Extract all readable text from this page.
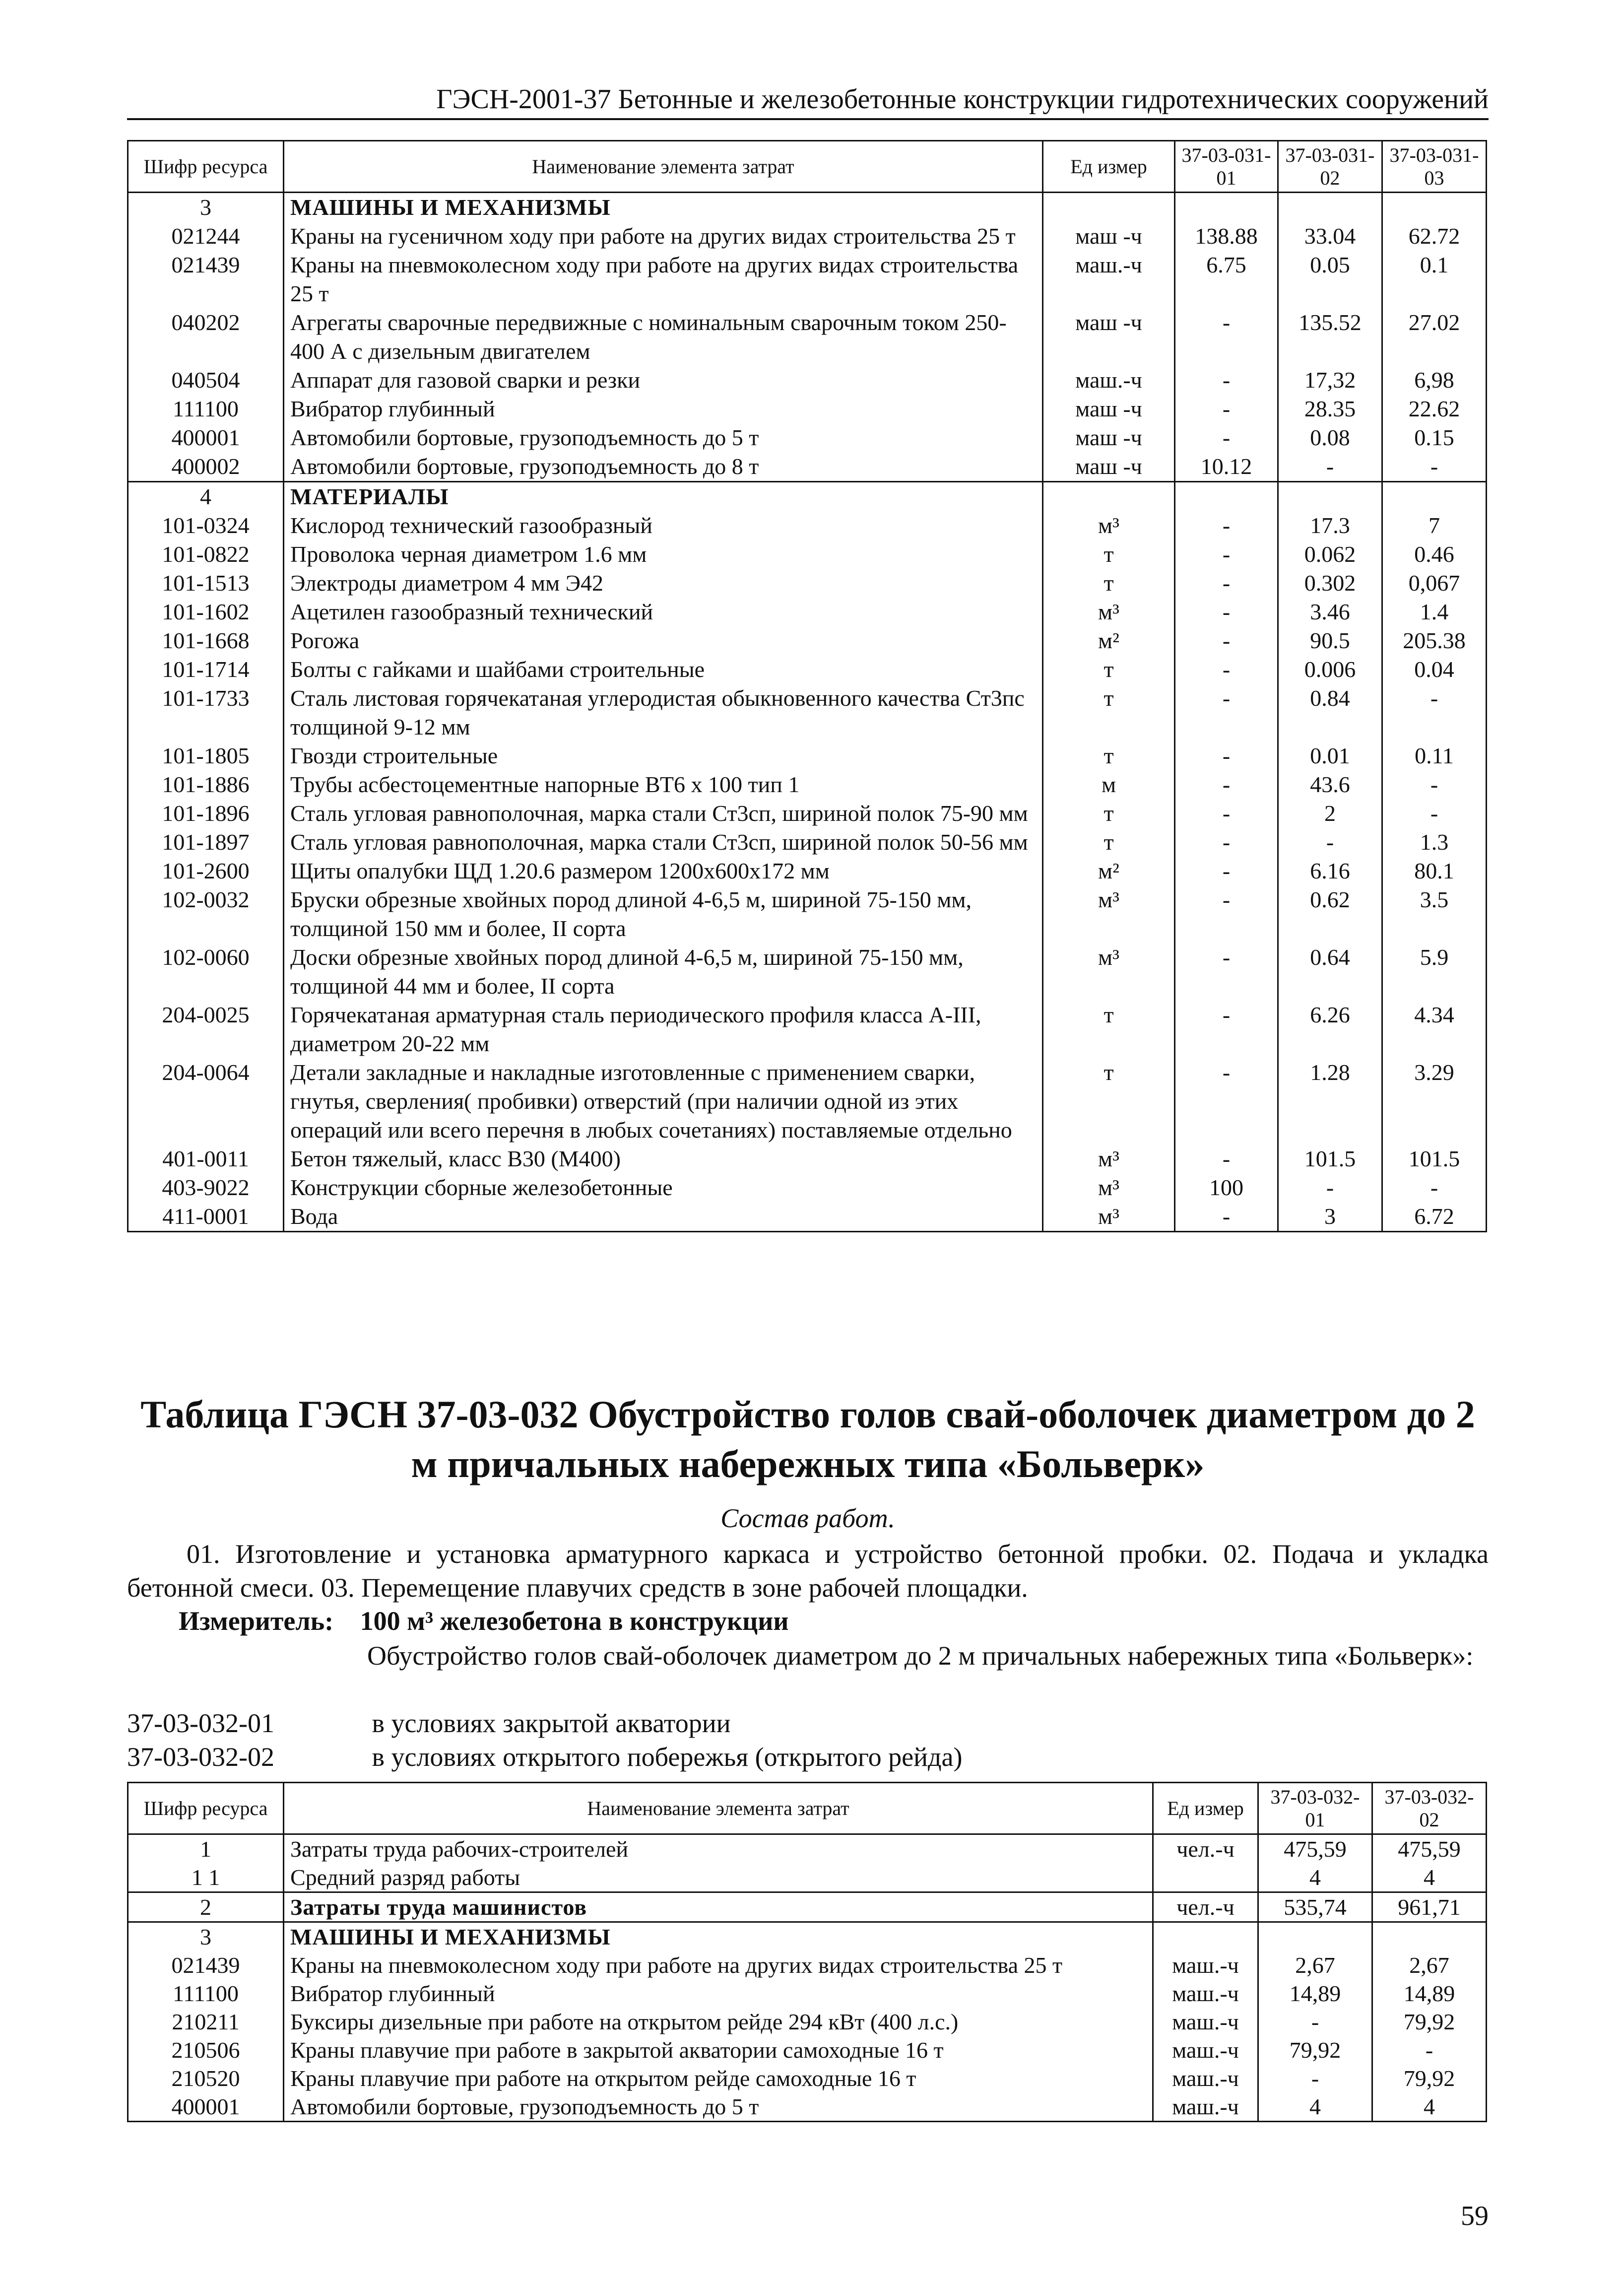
ГЭСН-2001-37 Бетонные и железобетонные конструкции гидротехнических сооружений
Шифр ресурса	Наименование элемента затрат	Ед измер	37-03-031-01	37-03-031-02	37-03-031-03
3	МАШИНЫ И МЕХАНИЗМЫ				
021244	Краны на гусеничном ходу при работе на других видах строительства 25 т	маш -ч	138.88	33.04	62.72
021439	Краны на пневмоколесном ходу при работе на других видах строительства 25 т	маш.-ч	6.75	0.05	0.1
040202	Агрегаты сварочные передвижные с номинальным сварочным током 250-400 А с дизельным двигателем	маш -ч	-	135.52	27.02
040504	Аппарат для газовой сварки и резки	маш.-ч	-	17,32	6,98
111100	Вибратор глубинный	маш -ч	-	28.35	22.62
400001	Автомобили бортовые, грузоподъемность до 5 т	маш -ч	-	0.08	0.15
400002	Автомобили бортовые, грузоподъемность до 8 т	маш -ч	10.12	-	-
4	МАТЕРИАЛЫ				
101-0324	Кислород технический газообразный	м³	-	17.3	7
101-0822	Проволока черная диаметром 1.6 мм	т	-	0.062	0.46
101-1513	Электроды диаметром 4 мм Э42	т	-	0.302	0,067
101-1602	Ацетилен газообразный технический	м³	-	3.46	1.4
101-1668	Рогожа	м²	-	90.5	205.38
101-1714	Болты с гайками и шайбами строительные	т	-	0.006	0.04
101-1733	Сталь листовая горячекатаная углеродистая обыкновенного качества Ст3пс толщиной 9-12 мм	т	-	0.84	-
101-1805	Гвозди строительные	т	-	0.01	0.11
101-1886	Трубы асбестоцементные напорные ВТ6 х 100 тип 1	м	-	43.6	-
101-1896	Сталь угловая равнополочная, марка стали Ст3сп, шириной полок 75-90 мм	т	-	2	-
101-1897	Сталь угловая равнополочная, марка стали Ст3сп, шириной полок 50-56 мм	т	-	-	1.3
101-2600	Щиты опалубки ЩД 1.20.6 размером 1200х600х172 мм	м²	-	6.16	80.1
102-0032	Бруски обрезные хвойных пород длиной 4-6,5 м, шириной 75-150 мм, толщиной 150 мм и более, II сорта	м³	-	0.62	3.5
102-0060	Доски обрезные хвойных пород длиной 4-6,5 м, шириной 75-150 мм, толщиной 44 мм и более, II сорта	м³	-	0.64	5.9
204-0025	Горячекатаная арматурная сталь периодического профиля класса А-III, диаметром 20-22 мм	т	-	6.26	4.34
204-0064	Детали закладные и накладные изготовленные с применением сварки, гнутья, сверления( пробивки) отверстий (при наличии одной из этих операций или всего перечня в любых сочетаниях) поставляемые отдельно	т	-	1.28	3.29
401-0011	Бетон тяжелый, класс В30 (М400)	м³	-	101.5	101.5
403-9022	Конструкции сборные железобетонные	м³	100	-	-
411-0001	Вода	м³	-	3	6.72
Таблица ГЭСН 37-03-032 Обустройство голов свай-оболочек диаметром до 2 м причальных набережных типа «Больверк»
Состав работ.
01. Изготовление и установка арматурного каркаса и устройство бетонной пробки. 02. Подача и укладка бетонной смеси. 03. Перемещение плавучих средств в зоне рабочей площадки.
Измеритель: 100 м³ железобетона в конструкции
Обустройство голов свай-оболочек диаметром до 2 м причальных набережных типа «Больверк»:
37-03-032-01	в условиях закрытой акватории
37-03-032-02	в условиях открытого побережья (открытого рейда)
Шифр ресурса	Наименование элемента затрат	Ед измер	37-03-032-01	37-03-032-02
1	Затраты труда рабочих-строителей	чел.-ч	475,59	475,59
1 1	Средний разряд работы		4	4
2	Затраты труда машинистов	чел.-ч	535,74	961,71
3	МАШИНЫ И МЕХАНИЗМЫ			
021439	Краны на пневмоколесном ходу при работе на других видах строительства 25 т	маш.-ч	2,67	2,67
111100	Вибратор глубинный	маш.-ч	14,89	14,89
210211	Буксиры дизельные при работе на открытом рейде 294 кВт (400 л.с.)	маш.-ч	-	79,92
210506	Краны плавучие при работе в закрытой акватории самоходные 16 т	маш.-ч	79,92	-
210520	Краны плавучие при работе на открытом рейде самоходные 16 т	маш.-ч	-	79,92
400001	Автомобили бортовые, грузоподъемность до 5 т	маш.-ч	4	4
59
